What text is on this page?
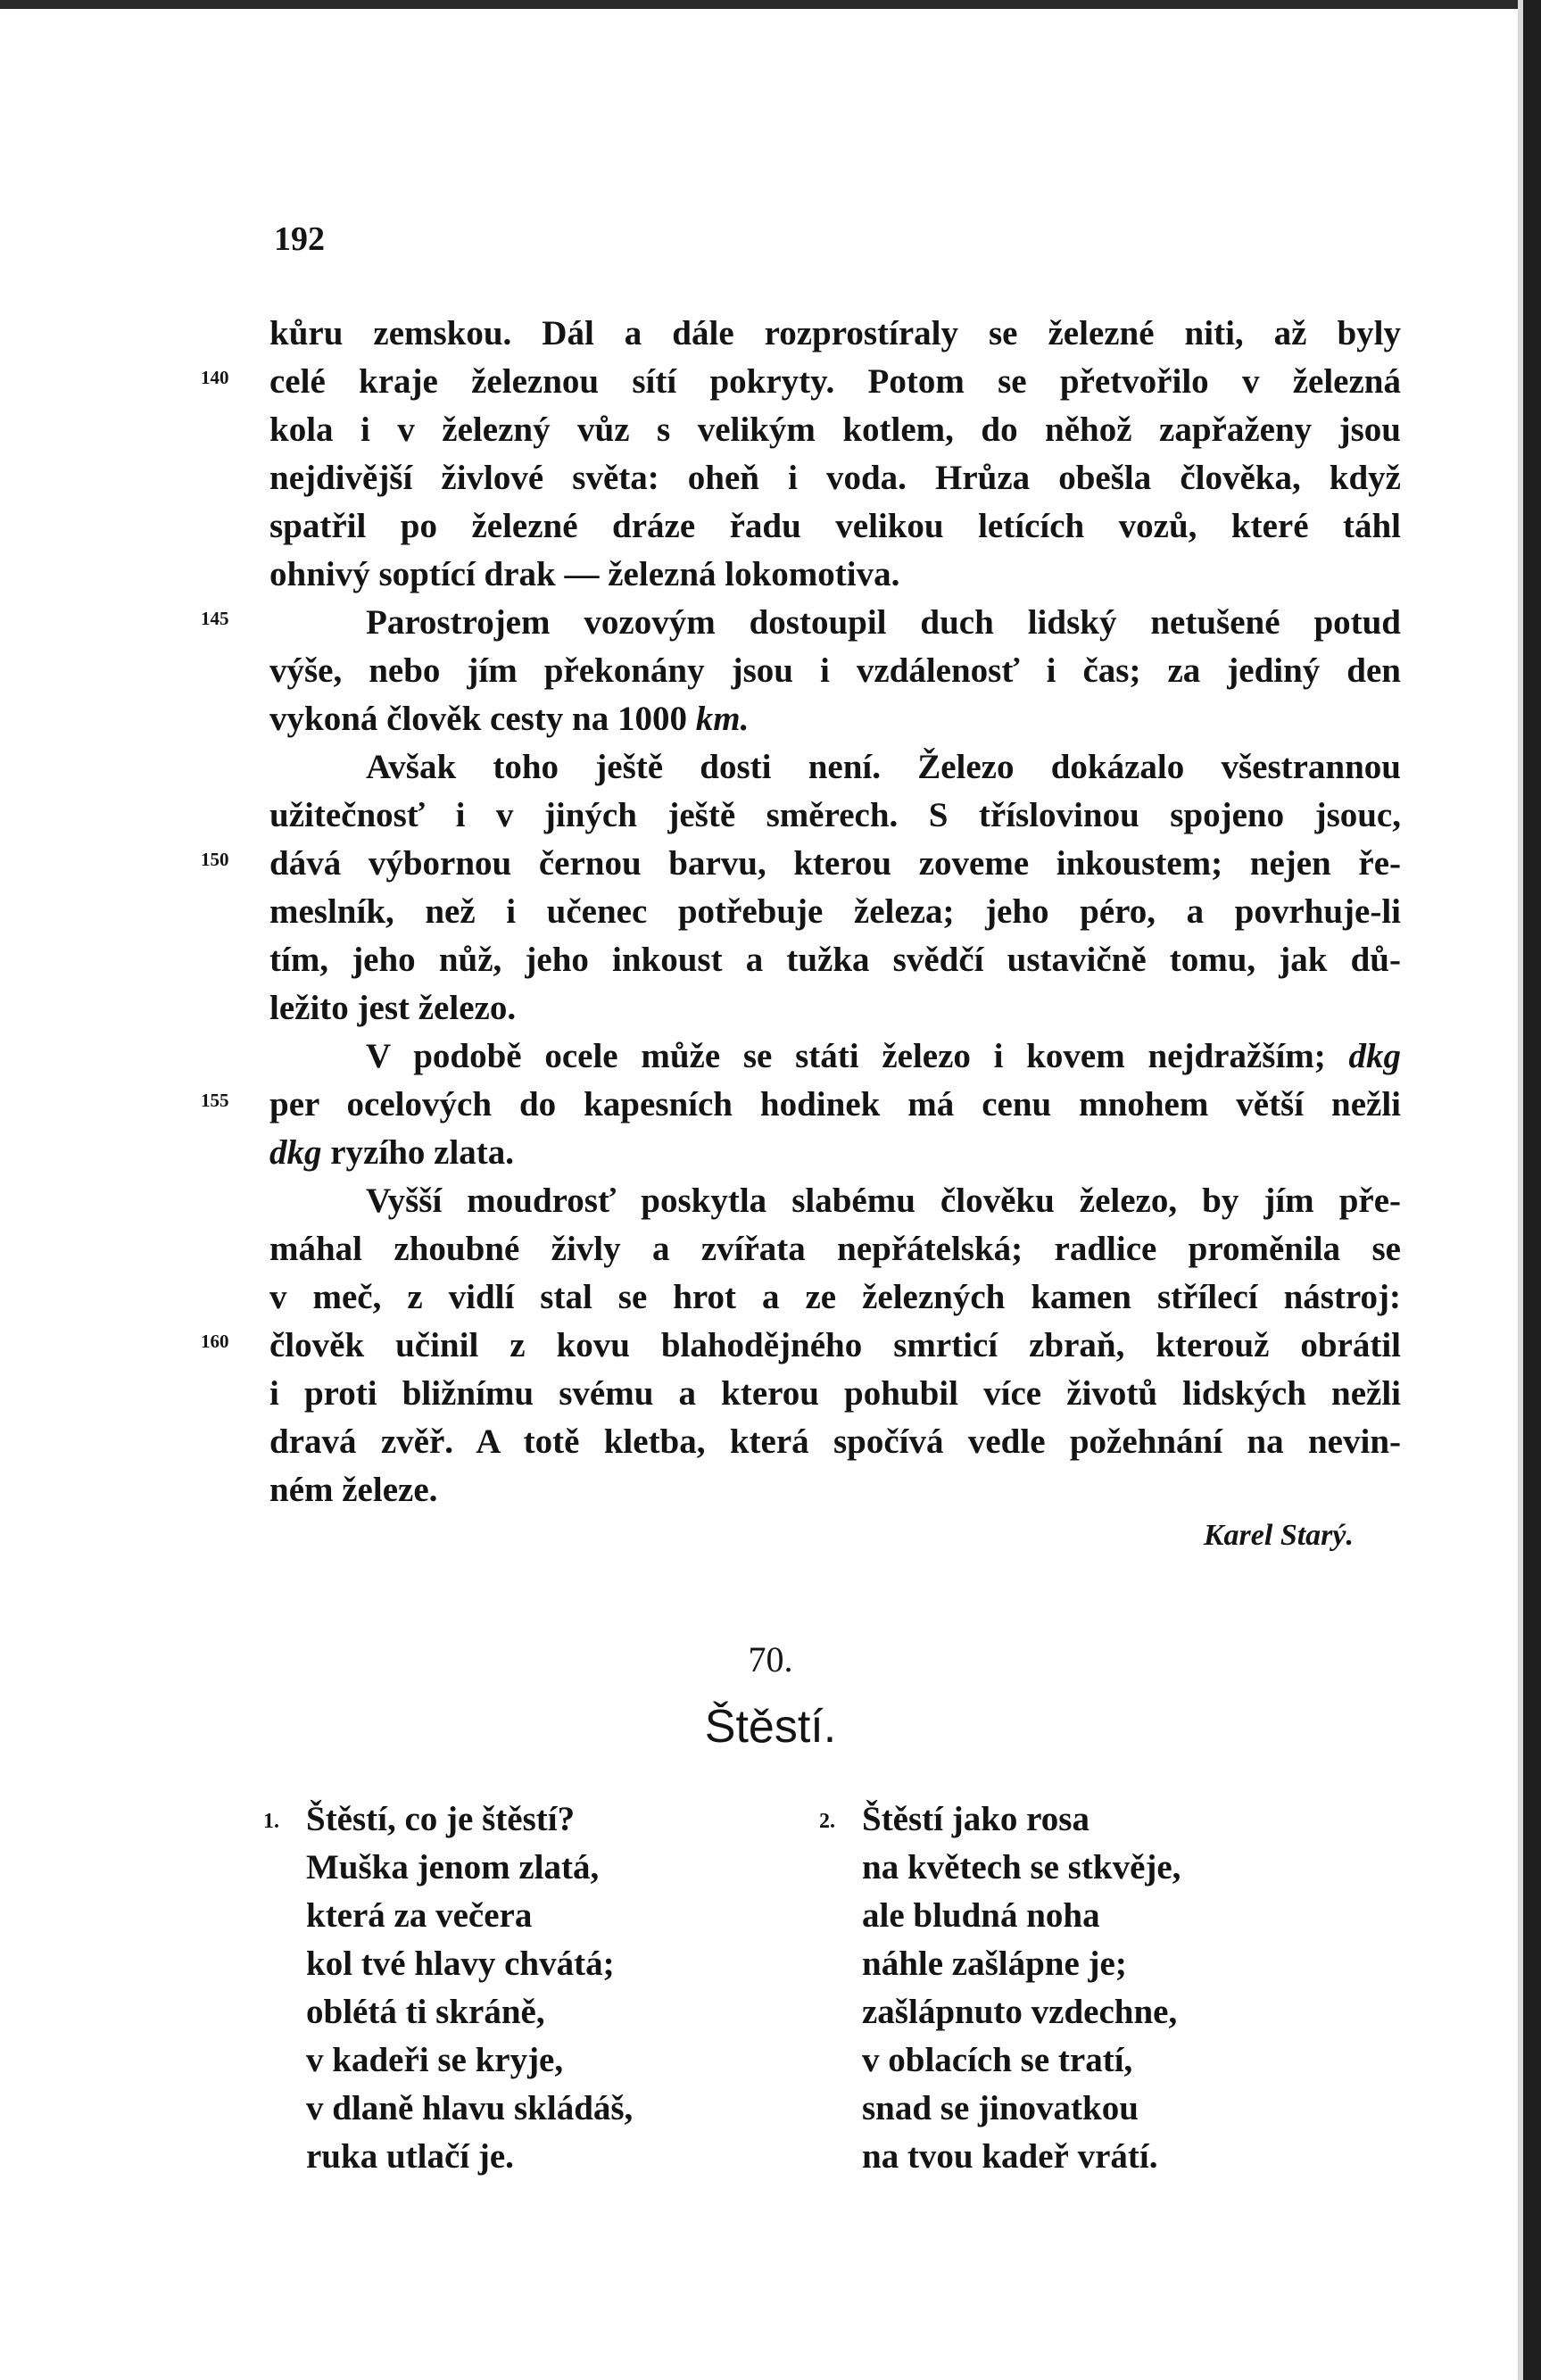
192
kůru zemskou. Dál a dále rozprostíraly se železné niti, až byly
140 celé kraje železnou sítí pokryty. Potom se přetvořilo v železná
kola i v železný vůz s velikým kotlem, do něhož zapřaženy jsou
nejdivější živlové světa: oheň i voda. Hrůza obešla člověka, když
spatřil po železné dráze řadu velikou letících vozů, které táhl
ohnivý soptící drak — železná lokomotiva.
145	Parostrojem vozovým dostoupil duch lidský netušené potud
výše, nebo jím překonány jsou i vzdálenosť i čas; za jediný den
vykoná člověk cesty na 1000 km.
Avšak toho ještě dosti není. Železo dokázalo všestrannou
užitečnosť i v jiných ještě směrech. S tříslovinou spojeno jsouc,
150 dává výbornou černou barvu, kterou zoveme inkoustem; nejen ře-
meslník, než i učenec potřebuje železa; jeho péro, a povrhuje-li
tím, jeho nůž, jeho inkoust a tužka svědčí ustavičně tomu, jak dů-
ležito jest železo.
V podobě ocele může se státi železo i kovem nejdražším; dkg
155 per ocelových do kapesních hodinek má cenu mnohem větší nežli
dkg ryzího zlata.
Vyšší moudrosť poskytla slabému člověku železo, by jím pře-
máhal zhoubné živly a zvířata nepřátelská; radlice proměnila se
v meč, z vidlí stal se hrot a ze železných kamen střílecí nástroj:
160 člověk učinil z kovu blahodějného smrticí zbraň, kterouž obrátil
i proti bližnímu svému a kterou pohubil více životů lidských nežli
dravá zvěř. A totě kletba, která spočívá vedle požehnání na nevin-
ném železe.
Karel Starý.
70.
Štěstí.
1. Štěstí, co je štěstí?
Muška jenom zlatá,
která za večera
kol tvé hlavy chvátá;
oblétá ti skráně,
v kadeři se kryje,
v dlaně hlavu skládáš,
ruka utlačí je.
2. Štěstí jako rosa
na květech se stkvěje,
ale bludná noha
náhle zašlápne je;
zašlápnuto vzdechne,
v oblacích se tratí,
snad se jinovatkou
na tvou kadeř vrátí.
